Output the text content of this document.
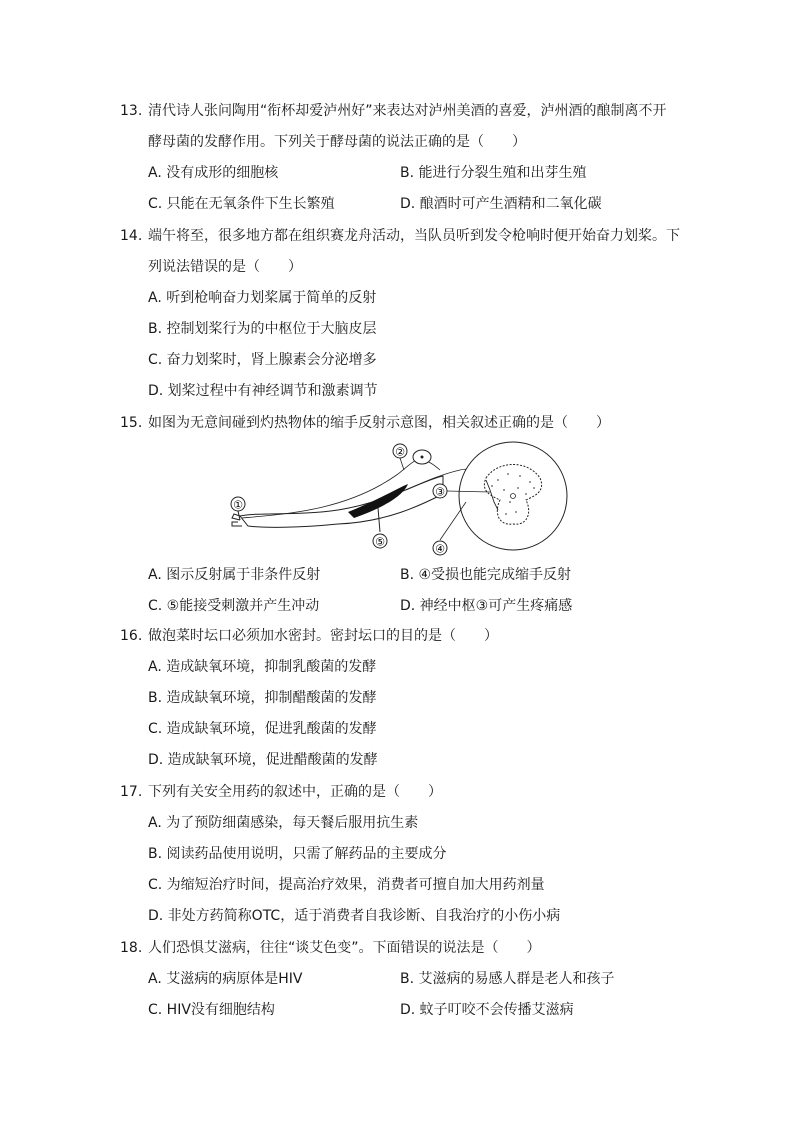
13. 清代诗人张问陶用“衔杯却爱泸州好”来表达对泸州美酒的喜爱，泸州酒的酿制离不开酵母菌的发酵作用。下列关于酵母菌的说法正确的是（　　）
A. 没有成形的细胞核	B. 能进行分裂生殖和出芽生殖
C. 只能在无氧条件下生长繁殖	D. 酿酒时可产生酒精和二氧化碳
14. 端午将至，很多地方都在组织赛龙舟活动，当队员听到发令枪响时便开始奋力划桨。下列说法错误的是（　　）
A. 听到枪响奋力划桨属于简单的反射
B. 控制划桨行为的中枢位于大脑皮层
C. 奋力划桨时，肾上腺素会分泌增多
D. 划桨过程中有神经调节和激素调节
15. 如图为无意间碰到灼热物体的缩手反射示意图，相关叙述正确的是（　　）
①
⑤
②
③
④
A. 图示反射属于非条件反射	B. ④受损也能完成缩手反射
C. ⑤能接受刺激并产生冲动	D. 神经中枢③可产生疼痛感
16. 做泡菜时坛口必须加水密封。密封坛口的目的是（　　）
A. 造成缺氧环境，抑制乳酸菌的发酵
B. 造成缺氧环境，抑制醋酸菌的发酵
C. 造成缺氧环境，促进乳酸菌的发酵
D. 造成缺氧环境，促进醋酸菌的发酵
17. 下列有关安全用药的叙述中，正确的是（　　）
A. 为了预防细菌感染，每天餐后服用抗生素
B. 阅读药品使用说明，只需了解药品的主要成分
C. 为缩短治疗时间，提高治疗效果，消费者可擅自加大用药剂量
D. 非处方药简称OTC，适于消费者自我诊断、自我治疗的小伤小病
18. 人们恐惧艾滋病，往往“谈艾色变”。下面错误的说法是（　　）
A. 艾滋病的病原体是HIV	B. 艾滋病的易感人群是老人和孩子
C. HIV没有细胞结构	D. 蚊子叮咬不会传播艾滋病
